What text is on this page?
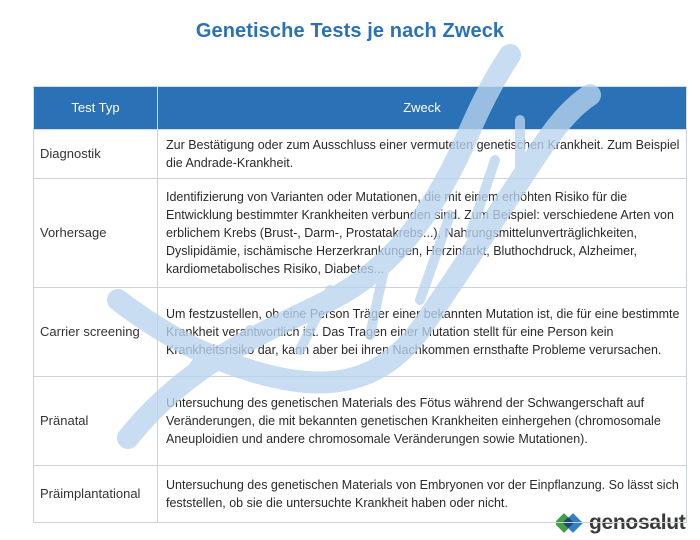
Genetische Tests je nach Zweck
Test Typ	Zweck
Diagnostik	Zur Bestätigung oder zum Ausschluss einer vermuteten genetischen Krankheit. Zum Beispiel die Andrade-Krankheit.
Vorhersage	Identifizierung von Varianten oder Mutationen, die mit einem erhöhten Risiko für die Entwicklung bestimmter Krankheiten verbunden sind. Zum Beispiel: verschiedene Arten von erblichem Krebs (Brust-, Darm-, Prostatakrebs...), Nahrungsmittelunverträglichkeiten, Dyslipidämie, ischämische Herzerkrankungen, Herzinfarkt, Bluthochdruck, Alzheimer, kardiometabolisches Risiko, Diabetes...
Carrier screening	Um festzustellen, ob eine Person Träger einer bekannten Mutation ist, die für eine bestimmte Krankheit verantwortlich ist. Das Tragen einer Mutation stellt für eine Person kein Krankheitsrisiko dar, kann aber bei ihren Nachkommen ernsthafte Probleme verursachen.
Pränatal	Untersuchung des genetischen Materials des Fötus während der Schwangerschaft auf Veränderungen, die mit bekannten genetischen Krankheiten einhergehen (chromosomale Aneuploidien und andere chromosomale Veränderungen sowie Mutationen).
Präimplantational	Untersuchung des genetischen Materials von Embryonen vor der Einpflanzung. So lässt sich feststellen, ob sie die untersuchte Krankheit haben oder nicht.
genosalut
